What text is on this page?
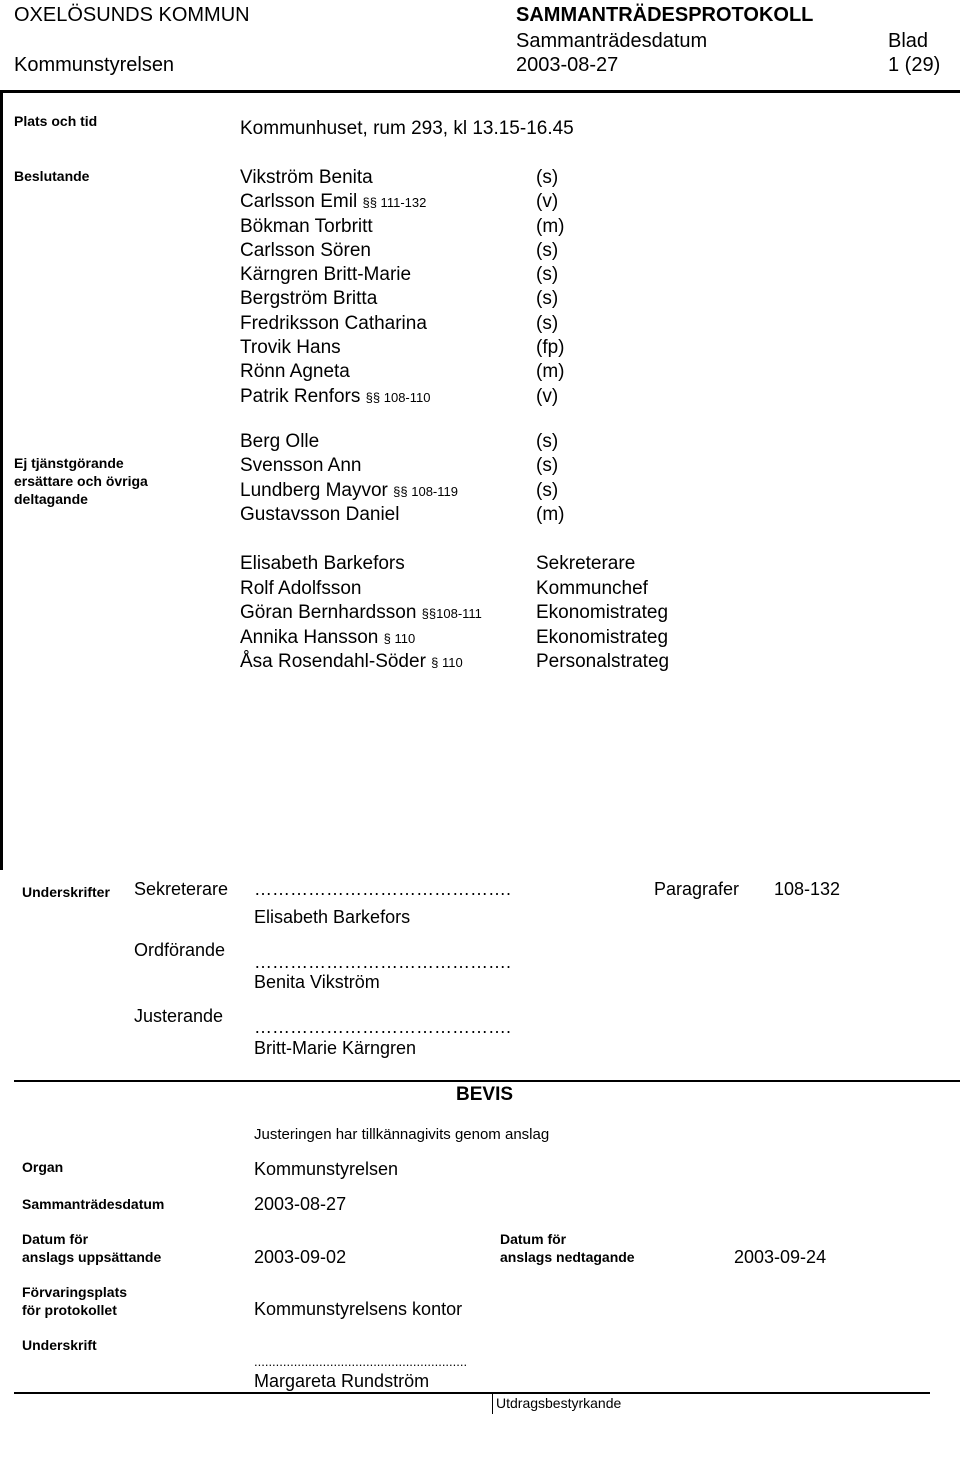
OXELÖSUNDS KOMMUN	SAMMANTRÄDESPROTOKOLL
Sammanträdesdatum	Blad
Kommunstyrelsen	2003-08-27	1 (29)
Plats och tid	Kommunhuset, rum 293, kl 13.15-16.45
Beslutande	Vikström Benita	(s)
Carlsson Emil §§ 111-132	(v)
Bökman Torbritt	(m)
Carlsson Sören	(s)
Kärngren Britt-Marie	(s)
Bergström Britta	(s)
Fredriksson Catharina	(s)
Trovik Hans	(fp)
Rönn Agneta	(m)
Patrik Renfors §§ 108-110	(v)
Ej tjänstgörande ersättare och övriga deltagande
Berg Olle	(s)
Svensson Ann	(s)
Lundberg Mayvor §§ 108-119	(s)
Gustavsson Daniel	(m)
Elisabeth Barkefors	Sekreterare
Rolf Adolfsson	Kommunchef
Göran Bernhardsson §§108-111	Ekonomistrateg
Annika Hansson § 110	Ekonomistrateg
Åsa Rosendahl-Söder § 110	Personalstrateg
Underskrifter Sekreterare …………………………………….	Paragrafer 108-132
Elisabeth Barkefors
Ordförande
…………………………………….
Benita Vikström
Justerande
…………………………………….
Britt-Marie Kärngren
BEVIS
Justeringen har tillkännagivits genom anslag
Organ	Kommunstyrelsen
Sammanträdesdatum	2003-08-27
Datum för
anslags uppsättande	2003-09-02
Datum för
anslags nedtagande	2003-09-24
Förvaringsplats
för protokollet	Kommunstyrelsens kontor
Underskrift
...........................................................
Margareta Rundström
Utdragsbestyrkande
